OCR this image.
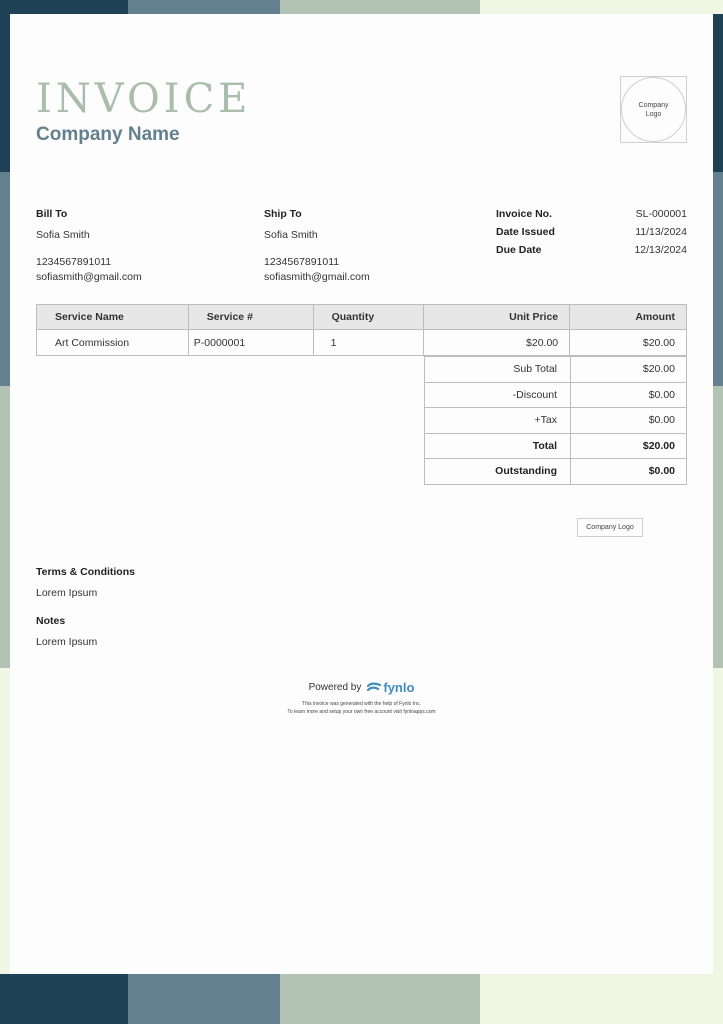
INVOICE
Company Name
Company Logo
Bill To
Sofia Smith
1234567891011
sofiasmith@gmail.com
Ship To
Sofia Smith
1234567891011
sofiasmith@gmail.com
Invoice No.	SL-000001
Date Issued	11/13/2024
Due Date	12/13/2024
Service Name	Service #	Quantity	Unit Price	Amount
Art Commission	P-0000001	1	$20.00	$20.00
Sub Total	$20.00
-Discount	$0.00
+Tax	$0.00
Total	$20.00
Outstanding	$0.00
Company Logo
Terms & Conditions
Lorem Ipsum
Notes
Lorem Ipsum
Powered by fynlo
This invoice was generated with the help of Fynlo Inc.
To learn more and setup your own free account visit fynloapps.com
